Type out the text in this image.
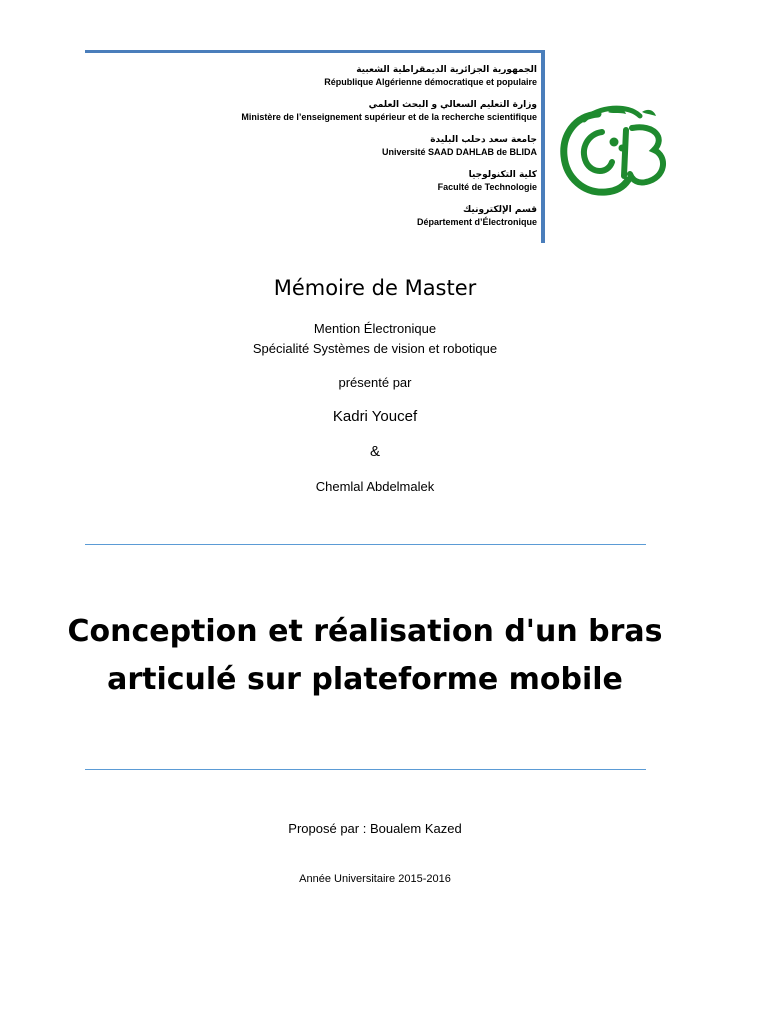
الجمهورية الجزائرية الديمقراطية الشعبية
République Algérienne démocratique et populaire
وزارة التعليم السعالي و البحث العلمي
Ministère de l’enseignement supérieur et de la recherche scientifique
جامعة سعد دحلب البليدة
Université SAAD DAHLAB de BLIDA
كلية التكنولوجيا
Faculté de Technologie
قسم الإلكترونيك
Département d’Électronique
Mémoire de Master
Mention Électronique
Spécialité Systèmes de vision et robotique
présenté par
Kadri Youcef
&
Chemlal Abdelmalek
Conception et réalisation d'un bras
articulé sur plateforme mobile
Proposé par : Boualem Kazed
Année Universitaire 2015-2016
